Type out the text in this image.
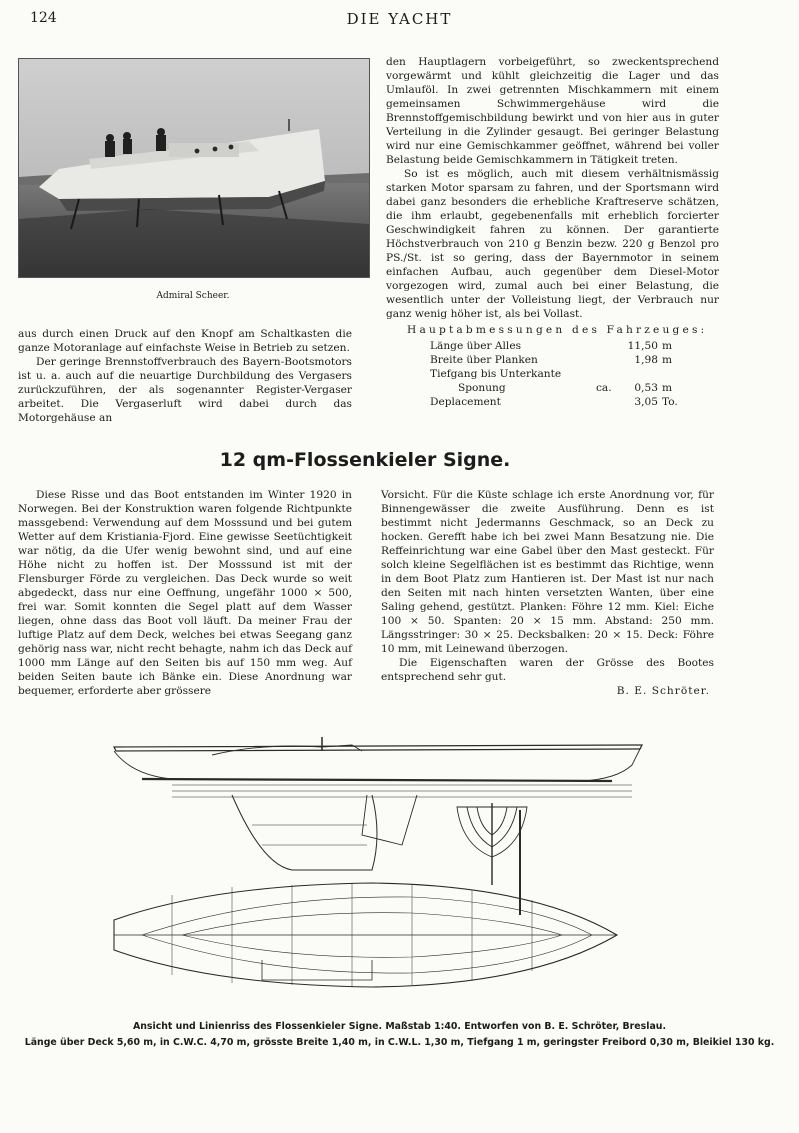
124	DIE YACHT
Admiral Scheer.

den Hauptlagern vorbeigeführt, so zweckentsprechend vorgewärmt und kühlt gleichzeitig die Lager und das Umlauföl. In zwei getrennten Mischkammern mit einem gemeinsamen Schwimmergehäuse wird die Brennstoffgemischbildung bewirkt und von hier aus in guter Verteilung in die Zylinder gesaugt. Bei geringer Belastung wird nur eine Gemischkammer geöffnet, während bei voller Belastung beide Gemischkammern in Tätigkeit treten.

So ist es möglich, auch mit diesem verhältnismässig starken Motor sparsam zu fahren, und der Sportsmann wird dabei ganz besonders die erhebliche Kraftreserve schätzen, die ihm erlaubt, gegebenenfalls mit erheblich forcierter Geschwindigkeit fahren zu können. Der garantierte Höchstverbrauch von 210 g Benzin bezw. 220 g Benzol pro PS./St. ist so gering, dass der Bayernmotor in seinem einfachen Aufbau, auch gegenüber dem Diesel-Motor vorgezogen wird, zumal auch bei einer Belastung, die wesentlich unter der Volleistung liegt, der Verbrauch nur ganz wenig höher ist, als bei Vollast.

aus durch einen Druck auf den Knopf am Schaltkasten die ganze Motoranlage auf einfachste Weise in Betrieb zu setzen.

Der geringe Brennstoffverbrauch des Bayern-Bootsmotors ist u. a. auch auf die neuartige Durchbildung des Vergasers zurückzuführen, der als sogenannter Register-Vergaser arbeitet. Die Vergaserluft wird dabei durch das Motorgehäuse an

Hauptabmessungen des Fahrzeuges:
Länge über Alles	11,50 m
Breite über Planken	1,98 m
Tiefgang bis Unterkante
Sponung	ca.	0,53 m
Deplacement	3,05 To.
12 qm-Flossenkieler Signe.

Diese Risse und das Boot entstanden im Winter 1920 in Norwegen. Bei der Konstruktion waren folgende Richtpunkte massgebend: Verwendung auf dem Mosssund und bei gutem Wetter auf dem Kristiania-Fjord. Eine gewisse Seetüchtigkeit war nötig, da die Ufer wenig bewohnt sind, und auf eine Höhe nicht zu hoffen ist. Der Mosssund ist mit der Flensburger Förde zu vergleichen. Das Deck wurde so weit abgedeckt, dass nur eine Oeffnung, ungefähr 1000 × 500, frei war. Somit konnten die Segel platt auf dem Wasser liegen, ohne dass das Boot voll läuft. Da meiner Frau der luftige Platz auf dem Deck, welches bei etwas Seegang ganz gehörig nass war, nicht recht behagte, nahm ich das Deck auf 1000 mm Länge auf den Seiten bis auf 150 mm weg. Auf beiden Seiten baute ich Bänke ein. Diese Anordnung war bequemer, erforderte aber grössere

Vorsicht. Für die Küste schlage ich erste Anordnung vor, für Binnengewässer die zweite Ausführung. Denn es ist bestimmt nicht Jedermanns Geschmack, so an Deck zu hocken. Gerefft habe ich bei zwei Mann Besatzung nie. Die Reffeinrichtung war eine Gabel über den Mast gesteckt. Für solch kleine Segelflächen ist es bestimmt das Richtige, wenn in dem Boot Platz zum Hantieren ist. Der Mast ist nur nach den Seiten mit nach hinten versetzten Wanten, über eine Saling gehend, gestützt. Planken: Föhre 12 mm. Kiel: Eiche 100 × 50. Spanten: 20 × 15 mm. Abstand: 250 mm. Längsstringer: 30 × 25. Decksbalken: 20 × 15. Deck: Föhre 10 mm, mit Leinewand überzogen.

Die Eigenschaften waren der Grösse des Bootes entsprechend sehr gut.

B. E. Schröter.
Ansicht und Linienriss des Flossenkieler Signe. Maßstab 1:40. Entworfen von B. E. Schröter, Breslau.
Länge über Deck 5,60 m, in C.W.C. 4,70 m, grösste Breite 1,40 m, in C.W.L. 1,30 m, Tiefgang 1 m, geringster Freibord 0,30 m, Bleikiel 130 kg.
